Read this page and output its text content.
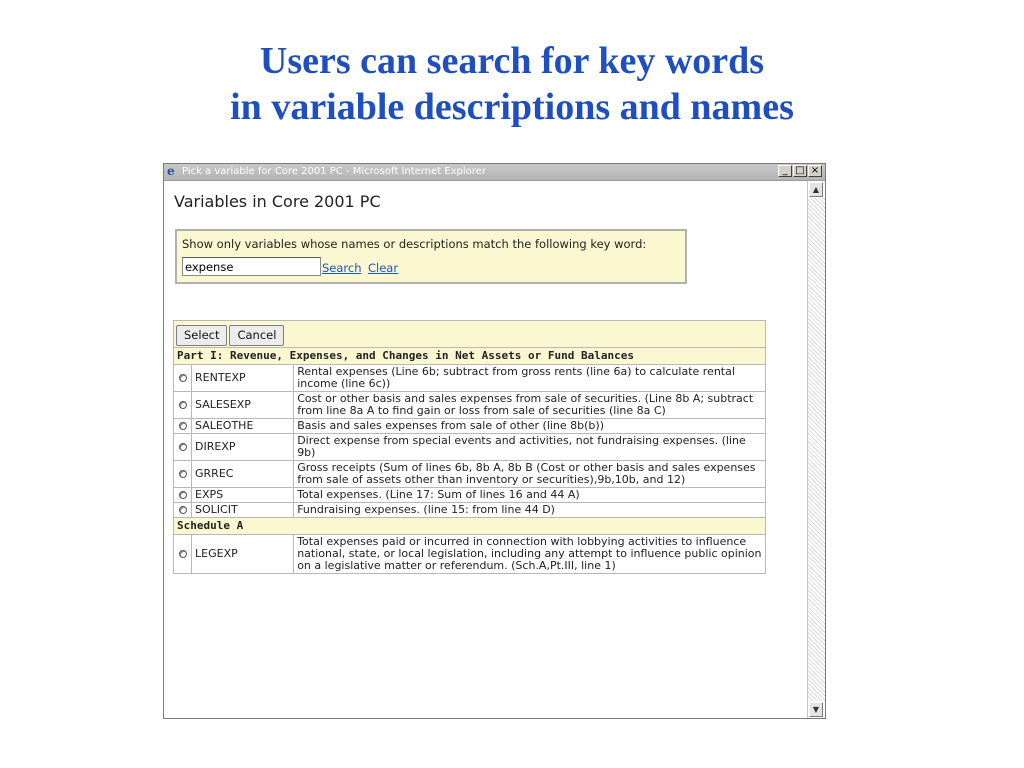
Users can search for key words
in variable descriptions and names
e Pick a variable for Core 2001 PC - Microsoft Internet Explorer	_ □ ×
▲
▼
Variables in Core 2001 PC
Show only variables whose names or descriptions match the following key word:
expense
Search Clear
Select Cancel		
Part I: Revenue, Expenses, and Changes in Net Assets or Fund Balances		
	RENTEXP	Rental expenses (Line 6b; subtract from gross rents (line 6a) to calculate rental income (line 6c))
	SALESEXP	Cost or other basis and sales expenses from sale of securities. (Line 8b A; subtract from line 8a A to find gain or loss from sale of securities (line 8a C)
	SALEOTHE	Basis and sales expenses from sale of other (line 8b(b))
	DIREXP	Direct expense from special events and activities, not fundraising expenses. (line 9b)
	GRREC	Gross receipts (Sum of lines 6b, 8b A, 8b B (Cost or other basis and sales expenses from sale of assets other than inventory or securities),9b,10b, and 12)
	EXPS	Total expenses. (Line 17: Sum of lines 16 and 44 A)
	SOLICIT	Fundraising expenses. (line 15: from line 44 D)
Schedule A		
	LEGEXP	Total expenses paid or incurred in connection with lobbying activities to influence national, state, or local legislation, including any attempt to influence public opinion on a legislative matter or referendum. (Sch.A,Pt.III, line 1)
